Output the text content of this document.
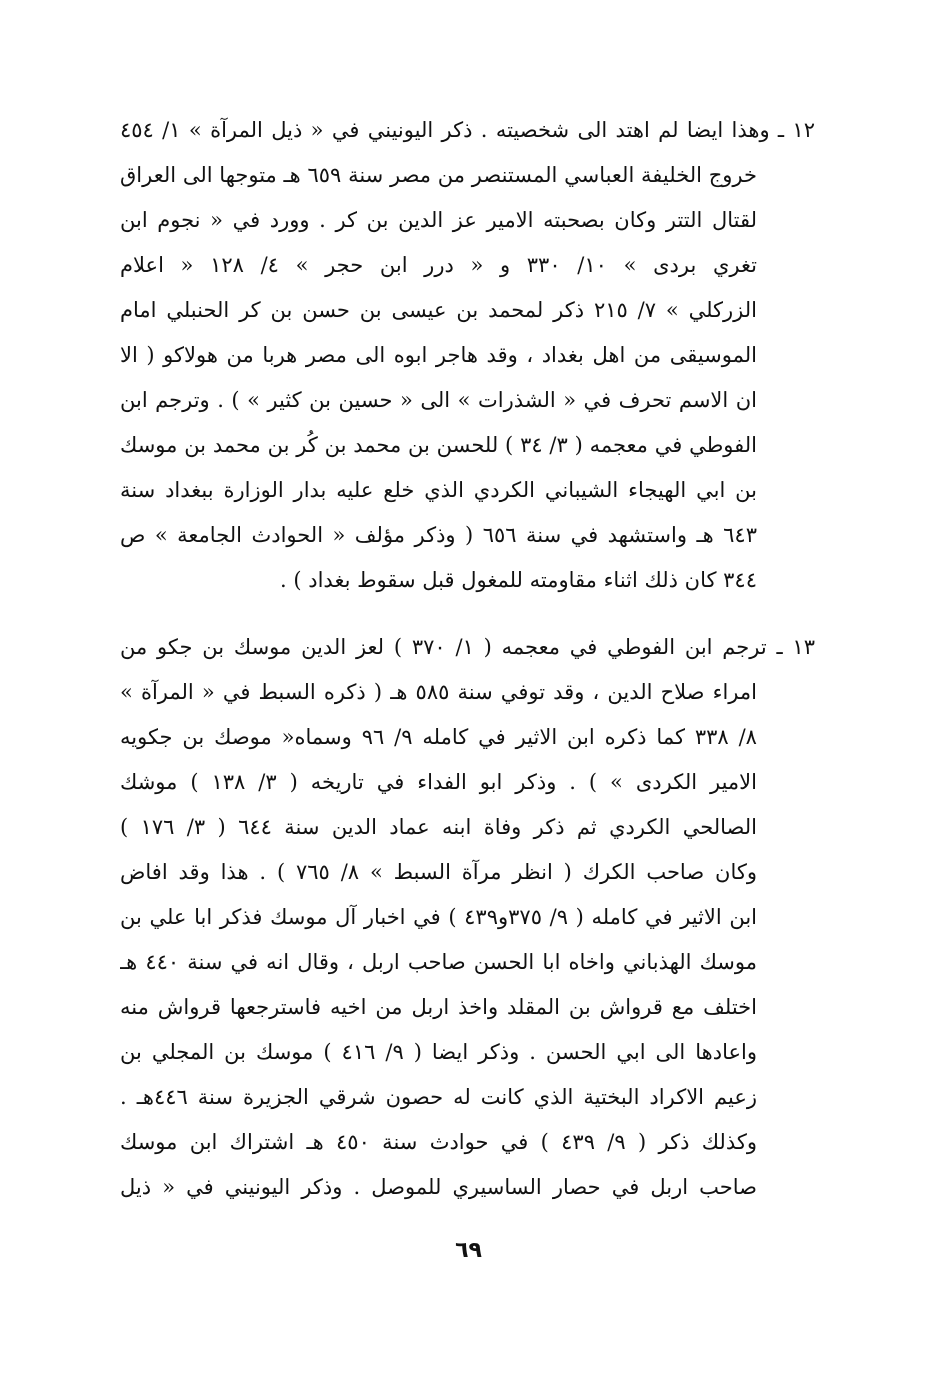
١٢ ـ وهذا ايضا لم اهتد الى شخصيته . ذكر اليونيني في « ذيل المرآة » ١/ ٤٥٤
خروج الخليفة العباسي المستنصر من مصر سنة ٦٥٩ هـ متوجها الى العراق
لقتال التتر وكان بصحبته الامير عز الدين بن كر . وورد في « نجوم ابن
تغري بردى » ١٠/ ٣٣٠ و « درر ابن حجر » ٤/ ١٢٨ « اعلام
الزركلي » ٧/ ٢١٥ ذكر لمحمد بن عيسى بن حسن بن كر الحنبلي امام
الموسيقى من اهل بغداد ، وقد هاجر ابوه الى مصر هربا من هولاكو ( الا
ان الاسم تحرف في « الشذرات » الى « حسين بن كثير » ) . وترجم ابن
الفوطي في معجمه ( ٣/ ٣٤ ) للحسن بن محمد بن كُر بن محمد بن موسك
بن ابي الهيجاء الشيباني الكردي الذي خلع عليه بدار الوزارة ببغداد سنة
٦٤٣ هـ واستشهد في سنة ٦٥٦ ( وذكر مؤلف « الحوادث الجامعة » ص
٣٤٤ كان ذلك اثناء مقاومته للمغول قبل سقوط بغداد ) .
١٣ ـ ترجم ابن الفوطي في معجمه ( ١/ ٣٧٠ ) لعز الدين موسك بن جكو من
امراء صلاح الدين ، وقد توفي سنة ٥٨٥ هـ ( ذكره السبط في « المرآة »
٨/ ٣٣٨ كما ذكره ابن الاثير في كامله ٩/ ٩٦ وسماه« موصك بن جكويه
الامير الكردى » ) . وذكر ابو الفداء في تاريخه ( ٣/ ١٣٨ ) موشك
الصالحي الكردي ثم ذكر وفاة ابنه عماد الدين سنة ٦٤٤ ( ٣/ ١٧٦ )
وكان صاحب الكرك ( انظر مرآة السبط » ٨/ ٧٦٥ ) . هذا وقد افاض
ابن الاثير في كامله ( ٩/ ٣٧٥و٤٣٩ ) في اخبار آل موسك فذكر ابا علي بن
موسك الهذباني واخاه ابا الحسن صاحب اربل ، وقال انه في سنة ٤٤٠ هـ
اختلف مع قرواش بن المقلد واخذ اربل من اخيه فاسترجعها قرواش منه
واعادها الى ابي الحسن . وذكر ايضا ( ٩/ ٤١٦ ) موسك بن المجلي بن
زعيم الاكراد البختية الذي كانت له حصون شرقي الجزيرة سنة ٤٤٦هـ .
وكذلك ذكر ( ٩/ ٤٣٩ ) في حوادث سنة ٤٥٠ هـ اشتراك ابن موسك
صاحب اربل في حصار الساسيري للموصل . وذكر اليونيني في « ذيل
٦٩
